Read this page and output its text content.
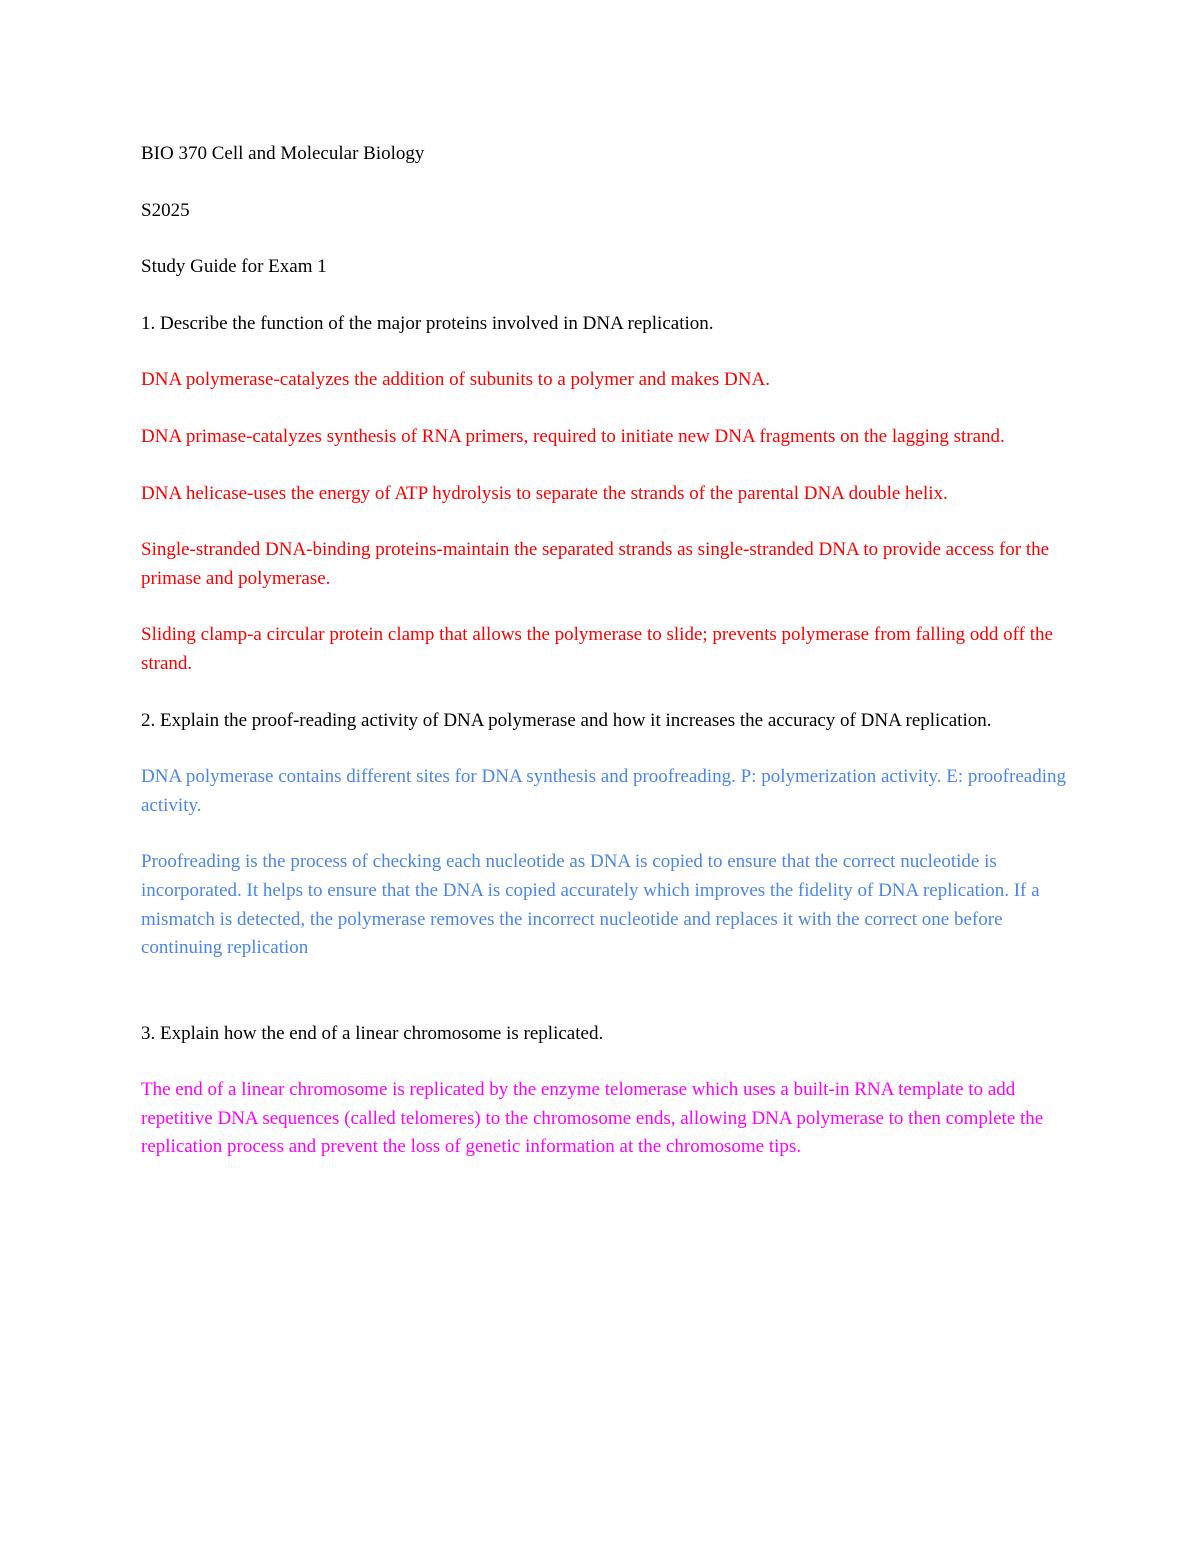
BIO 370 Cell and Molecular Biology

S2025

Study Guide for Exam 1

1. Describe the function of the major proteins involved in DNA replication.

DNA polymerase-catalyzes the addition of subunits to a polymer and makes DNA.

DNA primase-catalyzes synthesis of RNA primers, required to initiate new DNA fragments on the lagging strand.

DNA helicase-uses the energy of ATP hydrolysis to separate the strands of the parental DNA double helix.

Single-stranded DNA-binding proteins-maintain the separated strands as single-stranded DNA to provide access for the primase and polymerase.

Sliding clamp-a circular protein clamp that allows the polymerase to slide; prevents polymerase from falling odd off the strand.

2. Explain the proof-reading activity of DNA polymerase and how it increases the accuracy of DNA replication.

DNA polymerase contains different sites for DNA synthesis and proofreading. P: polymerization activity. E: proofreading activity.

Proofreading is the process of checking each nucleotide as DNA is copied to ensure that the correct nucleotide is incorporated. It helps to ensure that the DNA is copied accurately which improves the fidelity of DNA replication. If a mismatch is detected, the polymerase removes the incorrect nucleotide and replaces it with the correct one before continuing replication

3. Explain how the end of a linear chromosome is replicated.

The end of a linear chromosome is replicated by the enzyme telomerase which uses a built-in RNA template to add repetitive DNA sequences (called telomeres) to the chromosome ends, allowing DNA polymerase to then complete the replication process and prevent the loss of genetic information at the chromosome tips.
